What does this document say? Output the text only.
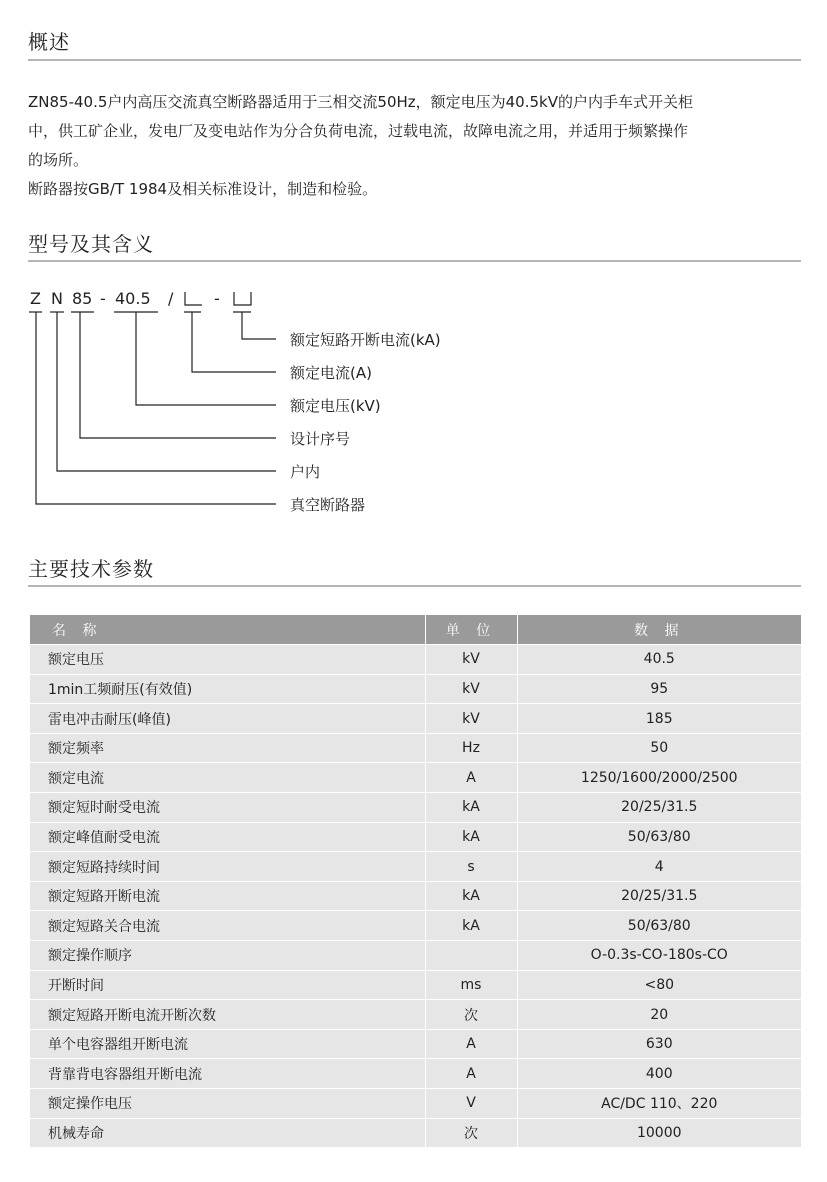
概述
ZN85-40.5户内高压交流真空断路器适用于三相交流50Hz，额定电压为40.5kV的户内手车式开关柜
中，供工矿企业，发电厂及变电站作为分合负荷电流，过载电流，故障电流之用，并适用于频繁操作
的场所。
断路器按GB/T 1984及相关标准设计，制造和检验。
型号及其含义
Z N 85 - 40.5 /	-
额定短路开断电流(kA)
额定电流(A)
额定电压(kV)
设计序号
户内
真空断路器
主要技术参数
名 称	单 位	数 据
额定电压	kV	40.5
1min工频耐压(有效值)	kV	95
雷电冲击耐压(峰值)	kV	185
额定频率	Hz	50
额定电流	A	1250/1600/2000/2500
额定短时耐受电流	kA	20/25/31.5
额定峰值耐受电流	kA	50/63/80
额定短路持续时间	s	4
额定短路开断电流	kA	20/25/31.5
额定短路关合电流	kA	50/63/80
额定操作顺序		O-0.3s-CO-180s-CO
开断时间	ms	<80
额定短路开断电流开断次数	次	20
单个电容器组开断电流	A	630
背靠背电容器组开断电流	A	400
额定操作电压	V	AC/DC 110、220
机械寿命	次	10000
